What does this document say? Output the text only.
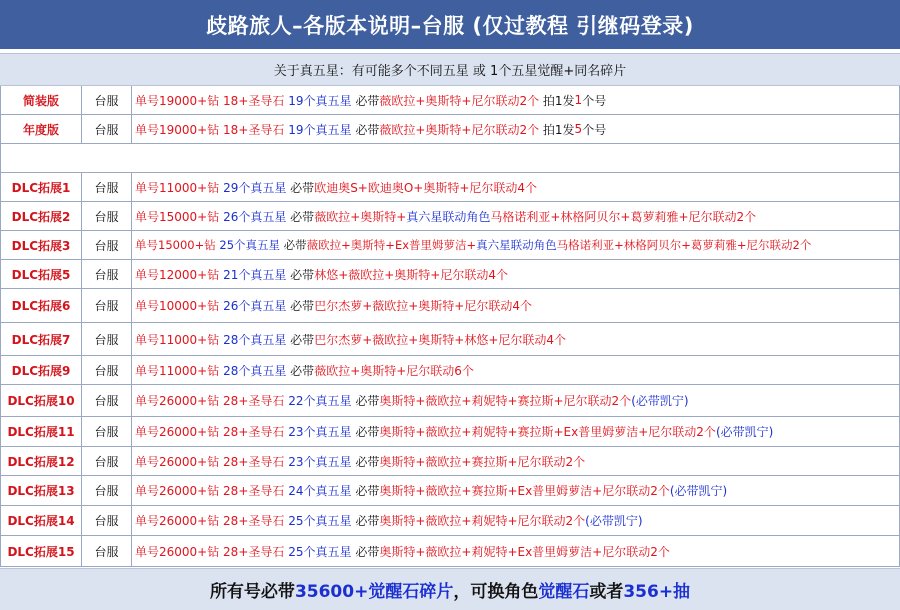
歧路旅人–各版本说明–台服 (仅过教程 引继码登录)
关于真五星：有可能多个不同五星 或 1个五星觉醒+同名碎片
简装版	台服	单号19000+钻 18+圣导石
19个真五星
必带 薇欧拉+奥斯特+尼尔联动2个
拍1发 1 个号
年度版	台服	单号19000+钻 18+圣导石
19个真五星
必带 薇欧拉+奥斯特+尼尔联动2个
拍1发 5 个号
DLC拓展1	台服	单号11000+钻
29个真五星
必带 欧迪奥S+欧迪奥O+奥斯特+尼尔联动4个
DLC拓展2	台服	单号15000+钻
26个真五星
必带 薇欧拉+奥斯特+ 真六星联动角色 马格诺利亚+林格阿贝尔+葛萝莉雅+尼尔联动2个
DLC拓展3	台服	单号15000+钻
25个真五星
必带 薇欧拉+奥斯特+Ex普里姆萝洁+ 真六星联动角色 马格诺利亚+林格阿贝尔+葛萝莉雅+尼尔联动2个
DLC拓展5	台服	单号12000+钻
21个真五星
必带 林悠+薇欧拉+奥斯特+尼尔联动4个
DLC拓展6	台服	单号10000+钻
26个真五星
必带 巴尔杰萝+薇欧拉+奥斯特+尼尔联动4个
DLC拓展7	台服	单号11000+钻
28个真五星
必带 巴尔杰萝+薇欧拉+奥斯特+林悠+尼尔联动4个
DLC拓展9	台服	单号11000+钻
28个真五星
必带 薇欧拉+奥斯特+尼尔联动6个
DLC拓展10	台服	单号26000+钻 28+圣导石
22个真五星
必带 奥斯特+薇欧拉+莉妮特+赛拉斯+尼尔联动2个 (必带凯宁)
DLC拓展11	台服	单号26000+钻 28+圣导石
23个真五星
必带 奥斯特+薇欧拉+莉妮特+赛拉斯+Ex普里姆萝洁+尼尔联动2个 (必带凯宁)
DLC拓展12	台服	单号26000+钻 28+圣导石
23个真五星
必带 奥斯特+薇欧拉+赛拉斯+尼尔联动2个
DLC拓展13	台服	单号26000+钻 28+圣导石
24个真五星
必带 奥斯特+薇欧拉+赛拉斯+Ex普里姆萝洁+尼尔联动2个 (必带凯宁)
DLC拓展14	台服	单号26000+钻 28+圣导石
25个真五星
必带 奥斯特+薇欧拉+莉妮特+尼尔联动2个 (必带凯宁)
DLC拓展15	台服	单号26000+钻 28+圣导石
25个真五星
必带 奥斯特+薇欧拉+莉妮特+Ex普里姆萝洁+尼尔联动2个
所有号必带 35600+觉醒石碎片 ，可换角色 觉醒石 或者 356+抽
